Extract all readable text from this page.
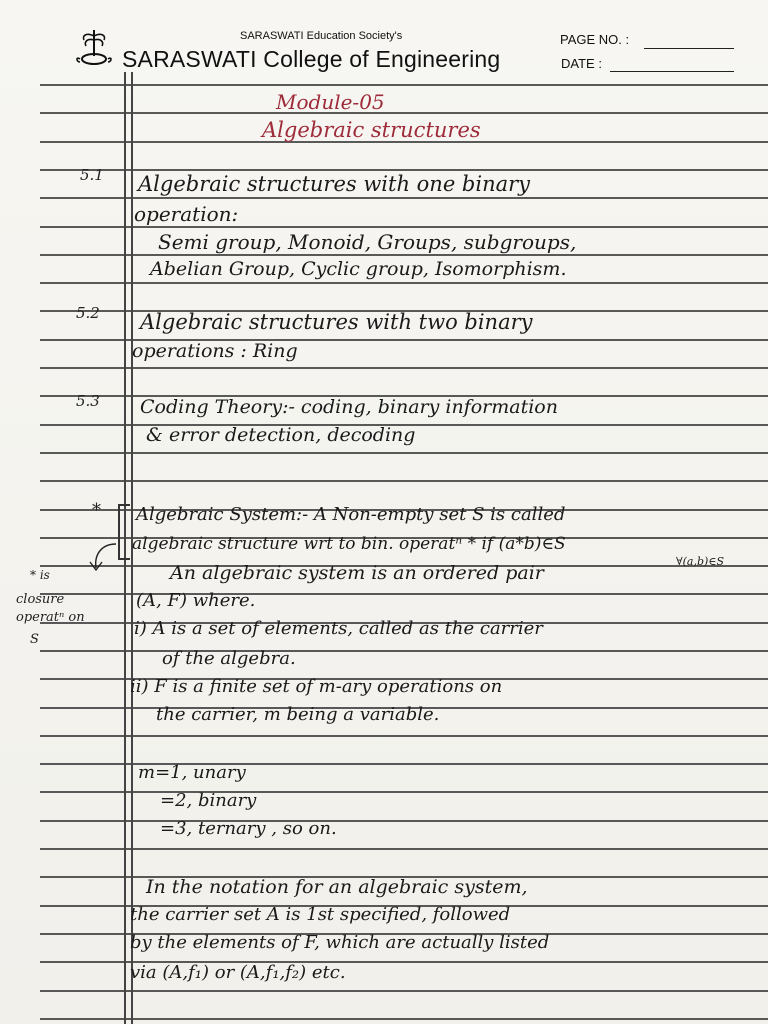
SARASWATI Education Society's
SARASWATI College of Engineering
PAGE NO. :
DATE :
Module-05
Algebraic structures
5.1 Algebraic structures with one binary
operation:
Semi group, Monoid, Groups, subgroups,
Abelian Group, Cyclic group, Isomorphism.
5.2 Algebraic structures with two binary
operations : Ring
5.3 Coding Theory:- coding, binary information
& error detection, decoding
* Algebraic System:- A Non-empty set S is called
algebraic structure wrt to bin. operatⁿ * if (a*b)∈S
∀(a,b)∈S
An algebraic system is an ordered pair
(A, F) where.
i) A is a set of elements, called as the carrier
of the algebra.
ii) F is a finite set of m-ary operations on
the carrier, m being a variable.
m=1, unary
=2, binary
=3, ternary , so on.
In the notation for an algebraic system,
the carrier set A is 1st specified, followed
by the elements of F, which are actually listed
via (A,f₁) or (A,f₁,f₂) etc.
* is
closure
operatⁿ on
S
